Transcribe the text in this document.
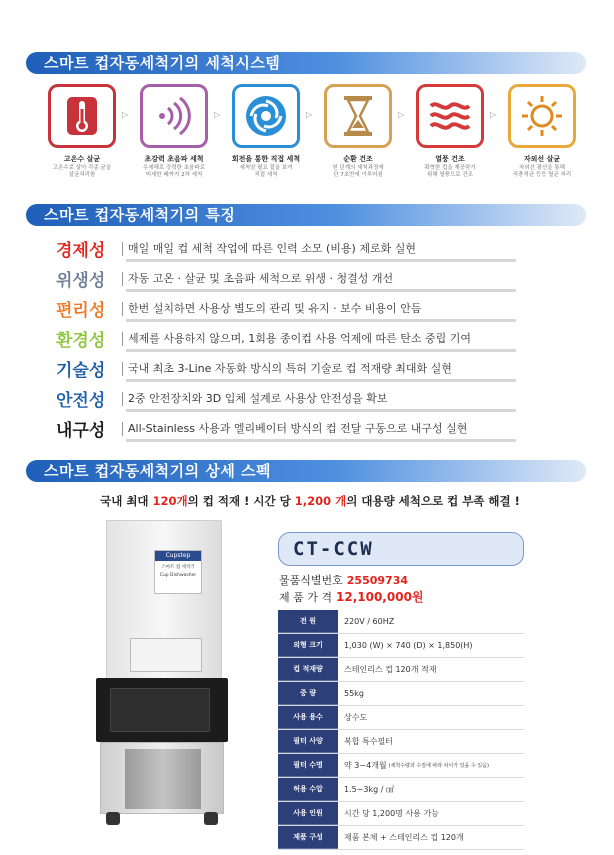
스마트 컵자동세척기의 세척시스템
고온수 살균
고온수로 살아 각종 균을
살균처리함
▷
초강력 초음파 세척
우세해로 강력한 초음파로
미세한 때까지 2차 세척
▷
회전을 통한 직접 세척
세척암 필요 접을 보여
직접 세척
▷
순환 건조
원 단계의 세척과정에
단 7초만에 이루어짐
▷
열풍 건조
확혁한 컵을 재공하기
위해 열풍으로 건조
▷
자외선 살균
자외선 광선을 통해
직충적균 등등 멸균 처리
스마트 컵자동세척기의 특징
경제성	매일 매일 컵 세척 작업에 따른 인력 소모 (비용) 제로화 실현
위생성	자동 고온 · 살균 및 초음파 세척으로 위생 · 청결성 개선
편리성	한번 설치하면 사용상 별도의 관리 및 유지 · 보수 비용이 안듬
환경성	세제를 사용하지 않으며, 1회용 종이컵 사용 억제에 따른 탄소 중립 기여
기술성	국내 최초 3-Line 자동화 방식의 특허 기술로 컵 적재량 최대화 실현
안전성	2중 안전장치와 3D 입체 설계로 사용상 안전성을 확보
내구성	All-Stainless 사용과 엘리베이터 방식의 컵 전달 구동으로 내구성 실현
스마트 컵자동세척기의 상세 스펙
국내 최대 120개의 컵 적재 ! 시간 당 1,200 개의 대용량 세척으로 컵 부족 해결 !
Cupstep
스마트 컵 세척기
Cup Dishwasher
CT-CCW
물품식별번호 25509734
제 품 가 격 12,100,000원
전 원	220V / 60HZ
외형 크기	1,030 (W) × 740 (D) × 1,850(H)
컵 적재량	스테인리스 컵 120개 적재
중 량	55kg
사용 용수	상수도
필터 사양	복합 특수필터
필터 수명	약 3~4개월 (세척수량과 수질에 따라 차이가 있을 수 있음)
허용 수압	1.5~3kg / ㎠
사용 인원	시간 당 1,200명 사용 가능
제품 구성	제품 본체 + 스테인리스 컵 120개
